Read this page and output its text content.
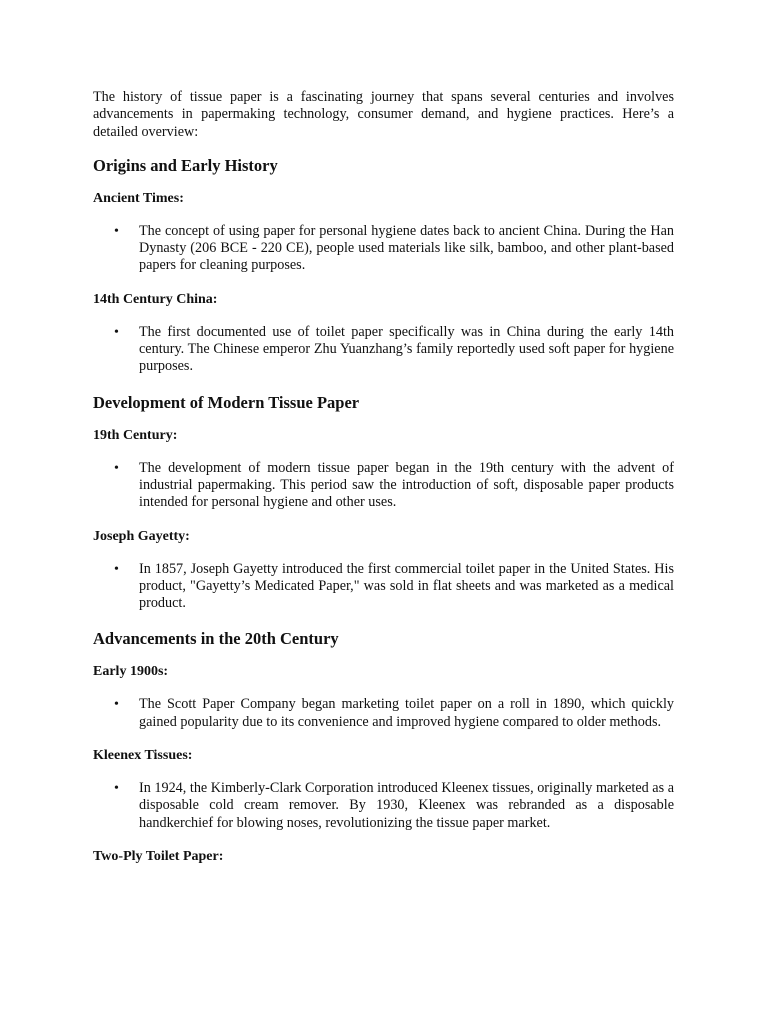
The history of tissue paper is a fascinating journey that spans several centuries and involves advancements in papermaking technology, consumer demand, and hygiene practices. Here’s a detailed overview:

Origins and Early History
Ancient Times:
• The concept of using paper for personal hygiene dates back to ancient China. During the Han Dynasty (206 BCE - 220 CE), people used materials like silk, bamboo, and other plant-based papers for cleaning purposes.
14th Century China:
• The first documented use of toilet paper specifically was in China during the early 14th century. The Chinese emperor Zhu Yuanzhang’s family reportedly used soft paper for hygiene purposes.
Development of Modern Tissue Paper
19th Century:
• The development of modern tissue paper began in the 19th century with the advent of industrial papermaking. This period saw the introduction of soft, disposable paper products intended for personal hygiene and other uses.
Joseph Gayetty:
• In 1857, Joseph Gayetty introduced the first commercial toilet paper in the United States. His product, "Gayetty’s Medicated Paper," was sold in flat sheets and was marketed as a medical product.
Advancements in the 20th Century
Early 1900s:
• The Scott Paper Company began marketing toilet paper on a roll in 1890, which quickly gained popularity due to its convenience and improved hygiene compared to older methods.
Kleenex Tissues:
• In 1924, the Kimberly-Clark Corporation introduced Kleenex tissues, originally marketed as a disposable cold cream remover. By 1930, Kleenex was rebranded as a disposable handkerchief for blowing noses, revolutionizing the tissue paper market.
Two-Ply Toilet Paper:
